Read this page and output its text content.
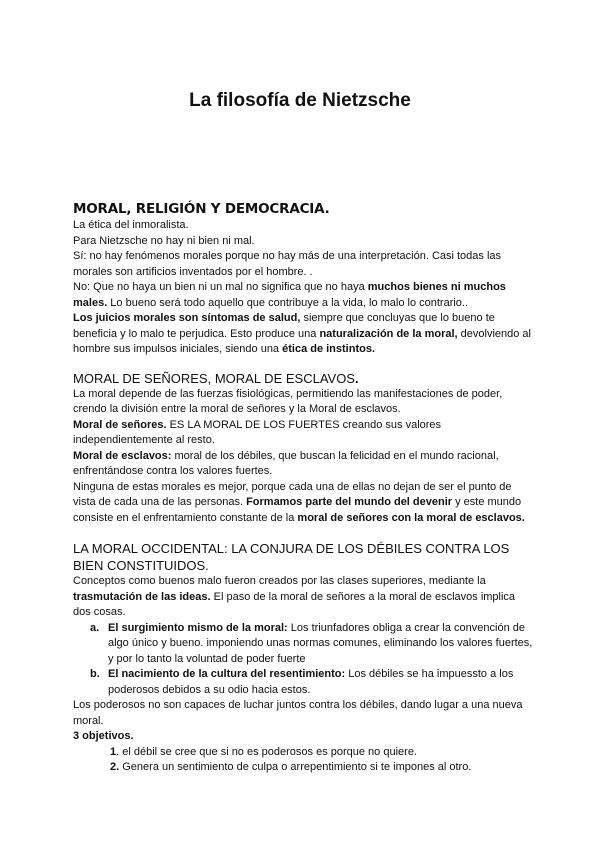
La filosofía de Nietzsche
MORAL, RELIGIÓN Y DEMOCRACIA.

La ética del inmoralista.

Para Nietzsche no hay ni bien ni mal.

Sí: no hay fenómenos morales porque no hay más de una interpretación. Casi todas las morales son artificios inventados por el hombre. .

No: Que no haya un bien ni un mal no significa que no haya muchos bienes ni muchos males. Lo bueno será todo aquello que contribuye a la vida, lo malo lo contrario..

Los juicios morales son síntomas de salud, siempre que concluyas que lo bueno te beneficia y lo malo te perjudica. Esto produce una naturalización de la moral, devolviendo al hombre sus impulsos iniciales, siendo una ética de instintos.

MORAL DE SEÑORES, MORAL DE ESCLAVOS.

La moral depende de las fuerzas fisiológicas, permitiendo las manifestaciones de poder, crendo la división entre la moral de señores y la Moral de esclavos.

Moral de señores. ES LA MORAL DE LOS FUERTES creando sus valores independientemente al resto.

Moral de esclavos: moral de los débiles, que buscan la felicidad en el mundo racional, enfrentándose contra los valores fuertes.

Ninguna de estas morales es mejor, porque cada una de ellas no dejan de ser el punto de vista de cada una de las personas. Formamos parte del mundo del devenir y este mundo consiste en el enfrentamiento constante de la moral de señores con la moral de esclavos.

LA MORAL OCCIDENTAL: LA CONJURA DE LOS DÉBILES CONTRA LOS BIEN CONSTITUIDOS.

Conceptos como buenos malo fueron creados por las clases superiores, mediante la trasmutación de las ideas. El paso de la moral de señores a la moral de esclavos implica dos cosas.

a. El surgimiento mismo de la moral: Los triunfadores obliga a crear la convención de algo único y bueno. imponiendo unas normas comunes, eliminando los valores fuertes, y por lo tanto la voluntad de poder fuerte
b. El nacimiento de la cultura del resentimiento: Los débiles se ha impuessto a los poderosos debidos a su odio hacia estos.

Los poderosos no son capaces de luchar juntos contra los débiles, dando lugar a una nueva moral.

3 objetivos.

1. el débil se cree que si no es poderosos es porque no quiere.

2. Genera un sentimiento de culpa o arrepentimiento si te impones al otro.
